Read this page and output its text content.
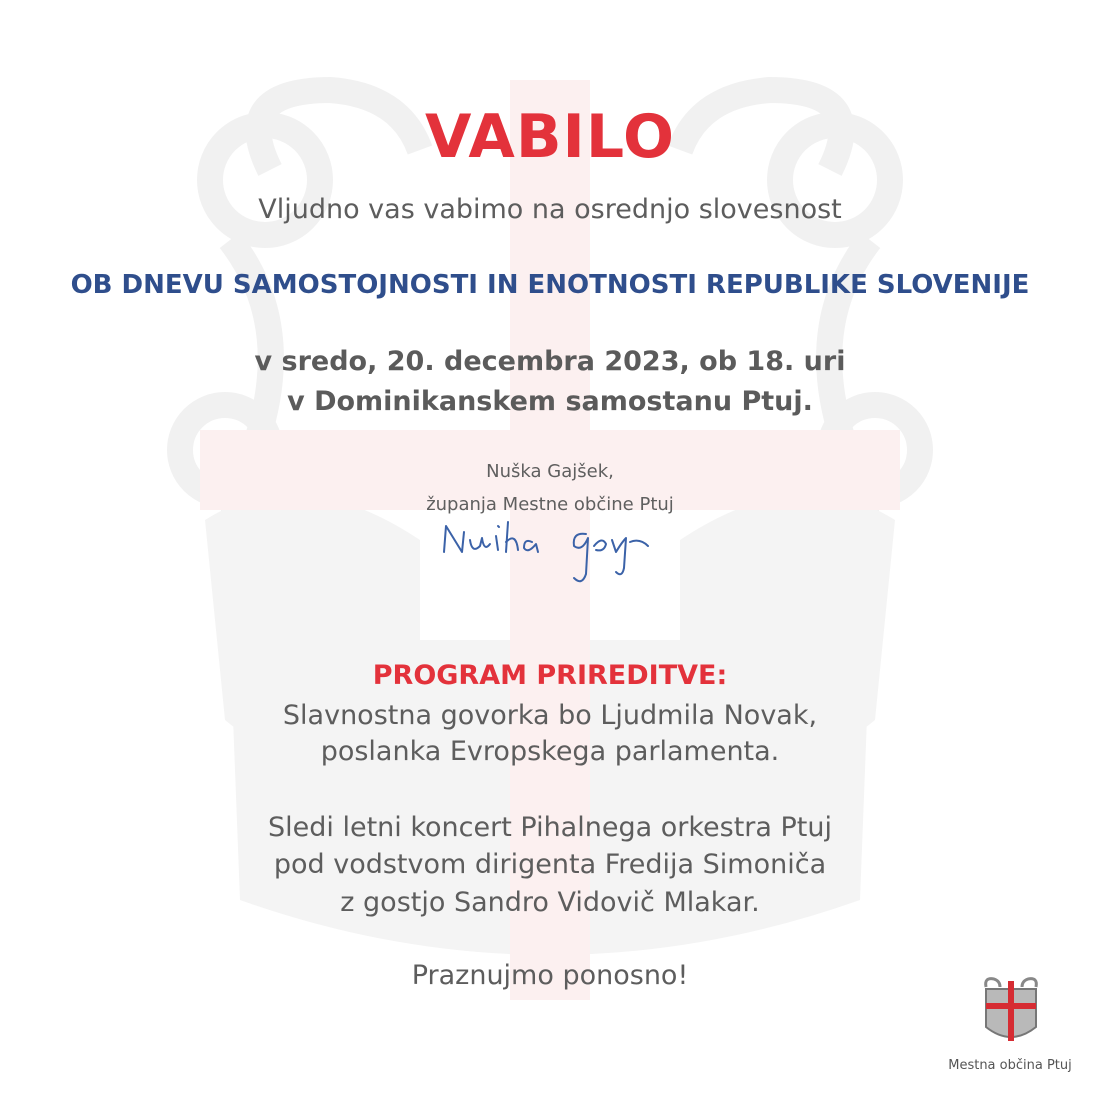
VABILO
Vljudno vas vabimo na osrednjo slovesnost
OB DNEVU SAMOSTOJNOSTI IN ENOTNOSTI REPUBLIKE SLOVENIJE
v sredo, 20. decembra 2023, ob 18. uri
v Dominikanskem samostanu Ptuj.
Nuška Gajšek,
županja Mestne občine Ptuj
PROGRAM PRIREDITVE:
Slavnostna govorka bo Ljudmila Novak,
poslanka Evropskega parlamenta.
Sledi letni koncert Pihalnega orkestra Ptuj
pod vodstvom dirigenta Fredija Simoniča
z gostjo Sandro Vidovič Mlakar.
Praznujmo ponosno!
Mestna občina Ptuj
